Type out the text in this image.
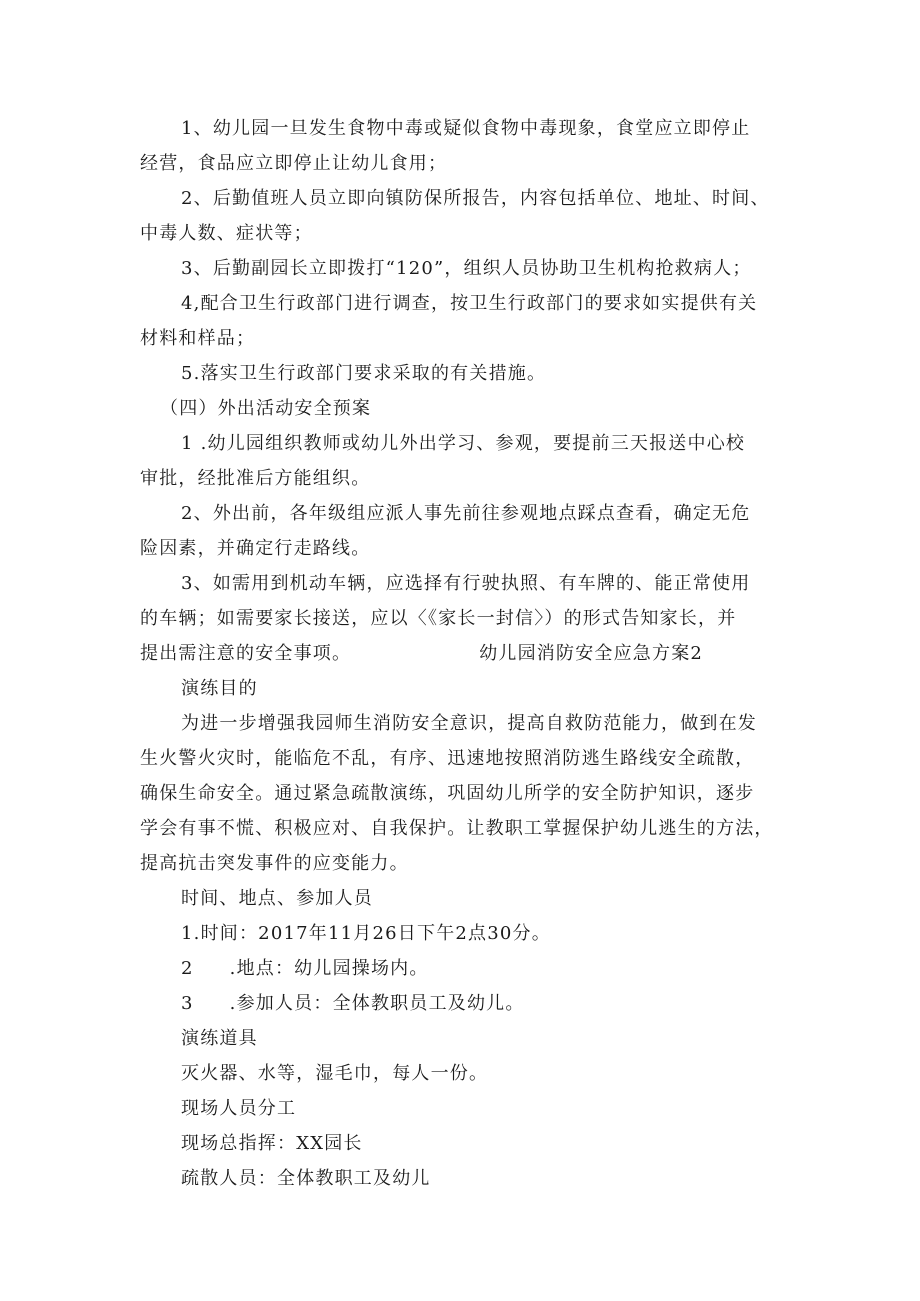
1、幼儿园一旦发生食物中毒或疑似食物中毒现象，食堂应立即停止
经营，食品应立即停止让幼儿食用；
2、后勤值班人员立即向镇防保所报告，内容包括单位、地址、时间、
中毒人数、症状等；
3、后勤副园长立即拨打“120”，组织人员协助卫生机构抢救病人；
4,配合卫生行政部门进行调查，按卫生行政部门的要求如实提供有关
材料和样品；
5.落实卫生行政部门要求采取的有关措施。
（四）外出活动安全预案
1 .幼儿园组织教师或幼儿外出学习、参观，要提前三天报送中心校
审批，经批准后方能组织。
2、外出前，各年级组应派人事先前往参观地点踩点查看，确定无危
险因素，并确定行走路线。
3、如需用到机动车辆，应选择有行驶执照、有车牌的、能正常使用
的车辆；如需要家长接送，应以〈《家长一封信〉）的形式告知家长，并
提出需注意的安全事项。	幼儿园消防安全应急方案2
演练目的
为进一步增强我园师生消防安全意识，提高自救防范能力，做到在发
生火警火灾时，能临危不乱，有序、迅速地按照消防逃生路线安全疏散，
确保生命安全。通过紧急疏散演练，巩固幼儿所学的安全防护知识，逐步
学会有事不慌、积极应对、自我保护。让教职工掌握保护幼儿逃生的方法，
提高抗击突发事件的应变能力。
时间、地点、参加人员
1.时间：2017年11月26日下午2点30分。
2 .地点：幼儿园操场内。
3 .参加人员：全体教职员工及幼儿。
演练道具
灭火器、水等，湿毛巾，每人一份。
现场人员分工
现场总指挥：XX园长
疏散人员：全体教职工及幼儿
